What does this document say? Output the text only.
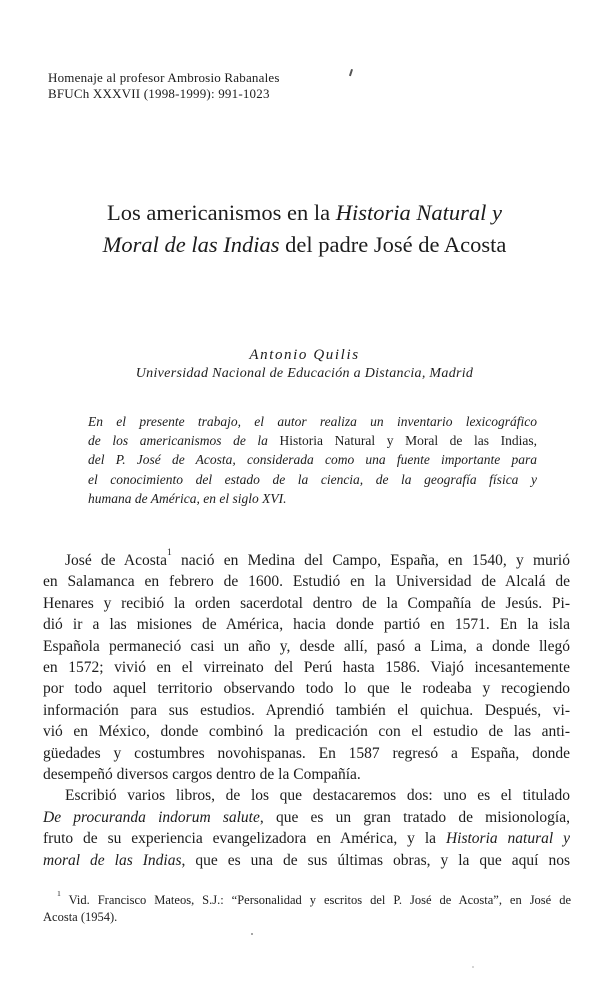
Homenaje al profesor Ambrosio Rabanales
BFUCh XXXVII (1998-1999): 991-1023
Los americanismos en la Historia Natural y
Moral de las Indias del padre José de Acosta
Antonio Quilis
Universidad Nacional de Educación a Distancia, Madrid
En el presente trabajo, el autor realiza un inventario lexicográfico
de los americanismos de la Historia Natural y Moral de las Indias,
del P. José de Acosta, considerada como una fuente importante para
el conocimiento del estado de la ciencia, de la geografía física y
humana de América, en el siglo XVI.
José de Acosta$^1$ nació en Medina del Campo, España, en 1540, y murió
en Salamanca en febrero de 1600. Estudió en la Universidad de Alcalá de
Henares y recibió la orden sacerdotal dentro de la Compañía de Jesús. Pi-
dió ir a las misiones de América, hacia donde partió en 1571. En la isla
Española permaneció casi un año y, desde allí, pasó a Lima, a donde llegó
en 1572; vivió en el virreinato del Perú hasta 1586. Viajó incesantemente
por todo aquel territorio observando todo lo que le rodeaba y recogiendo
información para sus estudios. Aprendió también el quichua. Después, vi-
vió en México, donde combinó la predicación con el estudio de las anti-
güedades y costumbres novohispanas. En 1587 regresó a España, donde
desempeñó diversos cargos dentro de la Compañía.
Escribió varios libros, de los que destacaremos dos: uno es el titulado
De procuranda indorum salute, que es un gran tratado de misionología,
fruto de su experiencia evangelizadora en América, y la Historia natural y
moral de las Indias, que es una de sus últimas obras, y la que aquí nos
$^1$ Vid. Francisco Mateos, S.J.: “Personalidad y escritos del P. José de Acosta”, en José de
Acosta (1954).
